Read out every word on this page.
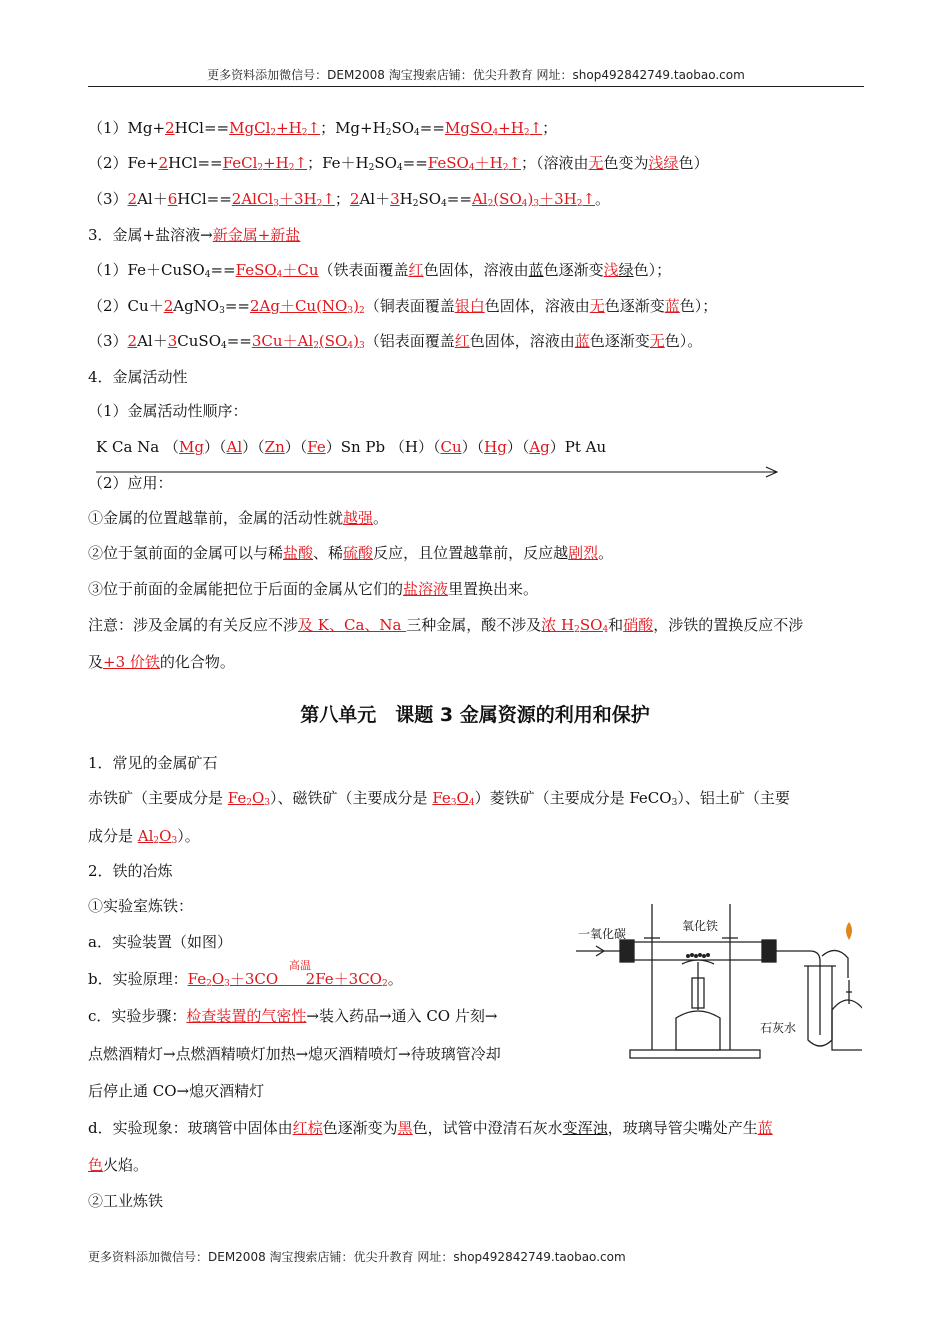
更多资料添加微信号：DEM2008 淘宝搜索店铺：优尖升教育 网址：shop492842749.taobao.com
$(1)Mg+2HCl==MgCl_2+H_2↑$；$Mg+H_2SO_4==MgSO_4+H_2↑$；
$(2)Fe+2HCl==FeCl_2+H_2↑$；$Fe+H_2SO_4==FeSO_4+H_2↑$；（溶液由无色变为浅绿色）
$(3)2Al+6HCl==2AlCl_3+3H_2↑$；$2Al+3H_2SO_4==Al_2(SO_4)_3+3H_2↑$。
3．金属+盐溶液→新金属+新盐
（1）Fe＋CuSO$_4$==FeSO$_4$＋Cu（铁表面覆盖红色固体，溶液由蓝色逐渐变浅绿色）；
$(2)Cu+2AgNO_3==2Ag+Cu(NO_3)_2$（铜表面覆盖银白色固体，溶液由无色逐渐变蓝色）；
$(3)2Al+3CuSO_4==3Cu+Al_2(SO_4)_3$（铝表面覆盖红色固体，溶液由蓝色逐渐变无色）。
4．金属活动性
（1）金属活动性顺序：
K Ca Na （Mg）（Al）（Zn）（Fe）Sn Pb （H）（Cu）（Hg）（Ag）Pt Au
（2）应用：
①金属的位置越靠前，金属的活动性就越强。
②位于氢前面的金属可以与稀盐酸、稀硫酸反应，且位置越靠前，反应越剧烈。
③位于前面的金属能把位于后面的金属从它们的盐溶液里置换出来。
注意：涉及金属的有关反应不涉及 K、Ca、Na 三种金属，酸不涉及浓 $H_2SO_4$和硝酸，涉铁的置换反应不涉
及+3 价铁的化合物。
第八单元　课题 3 金属资源的利用和保护
1．常见的金属矿石
赤铁矿（主要成分是 $Fe_2O_3$）、磁铁矿（主要成分是 $Fe_3O_4$）菱铁矿（主要成分是 FeCO$_3$）、铝土矿（主要
成分是 $Al_2O_3$）。
2．铁的冶炼
①实验室炼铁：
a．实验装置（如图）
b．实验原理：$Fe_2O_3+3CO$
高温
             $2Fe+3CO_2$。
c．实验步骤：检查装置的气密性→装入药品→通入 CO 片刻→
点燃酒精灯→点燃酒精喷灯加热→熄灭酒精喷灯→待玻璃管冷却
后停止通 CO→熄灭酒精灯
d．实验现象：玻璃管中固体由红棕色逐渐变为黑色，试管中澄清石灰水变浑浊，玻璃导管尖嘴处产生蓝
色火焰。
②工业炼铁
一氧化碳
氧化铁
石灰水
更多资料添加微信号：DEM2008 淘宝搜索店铺：优尖升教育 网址：shop492842749.taobao.com
